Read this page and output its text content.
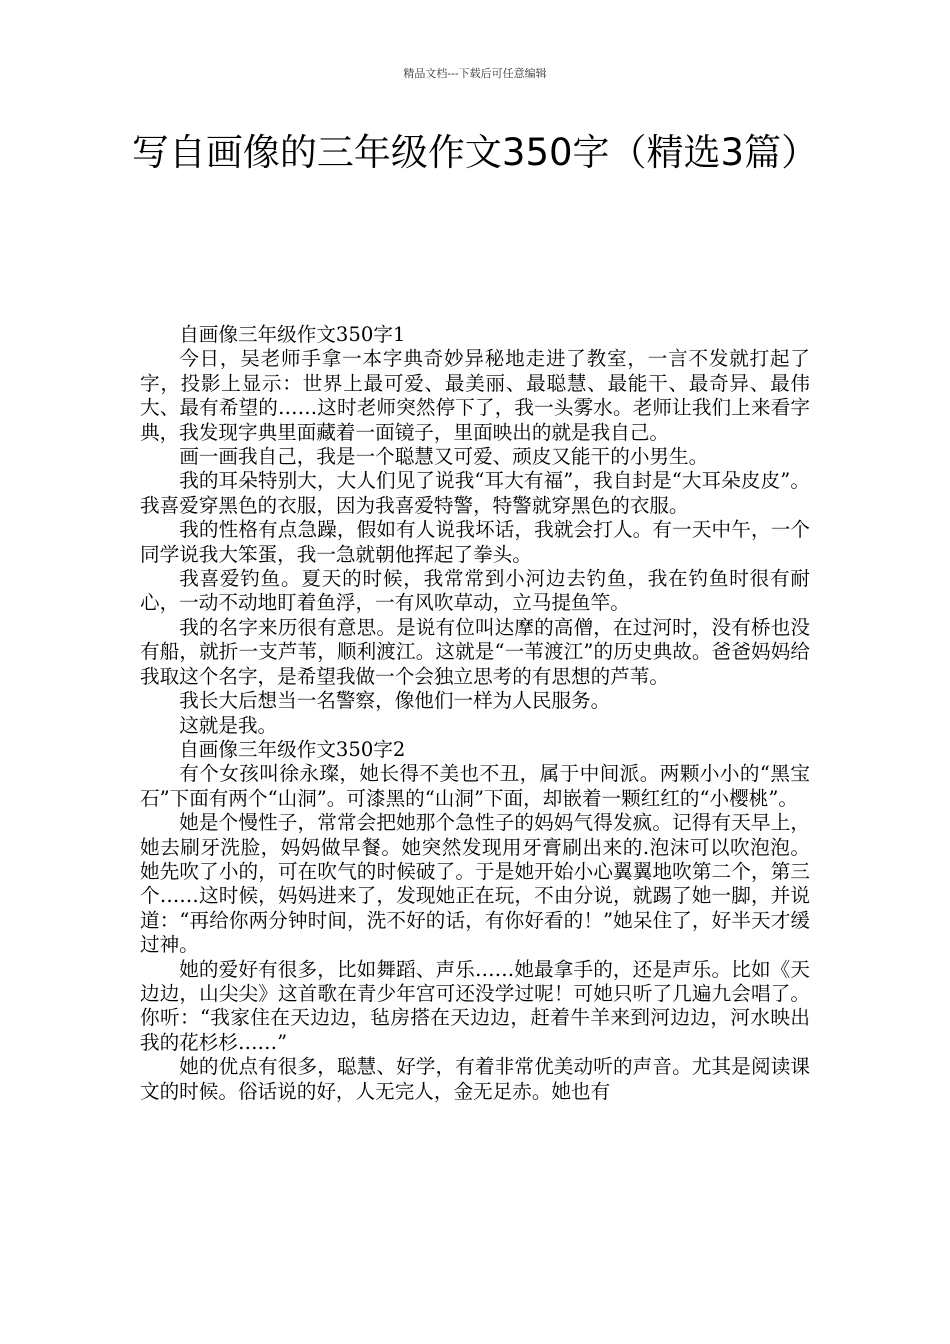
精品文档---下载后可任意编辑
写自画像的三年级作文350字（精选3篇）

自画像三年级作文350字1

今日，吴老师手拿一本字典奇妙异秘地走进了教室，一言不发就打起了字，投影上显示：世界上最可爱、最美丽、最聪慧、最能干、最奇异、最伟大、最有希望的……这时老师突然停下了，我一头雾水。老师让我们上来看字典，我发现字典里面藏着一面镜子，里面映出的就是我自己。

画一画我自己，我是一个聪慧又可爱、顽皮又能干的小男生。

我的耳朵特别大，大人们见了说我“耳大有福”，我自封是“大耳朵皮皮”。我喜爱穿黑色的衣服，因为我喜爱特警，特警就穿黑色的衣服。

我的性格有点急躁，假如有人说我坏话，我就会打人。有一天中午，一个同学说我大笨蛋，我一急就朝他挥起了拳头。

我喜爱钓鱼。夏天的时候，我常常到小河边去钓鱼，我在钓鱼时很有耐心，一动不动地盯着鱼浮，一有风吹草动，立马提鱼竿。

我的名字来历很有意思。是说有位叫达摩的高僧，在过河时，没有桥也没有船，就折一支芦苇，顺利渡江。这就是“一苇渡江”的历史典故。爸爸妈妈给我取这个名字，是希望我做一个会独立思考的有思想的芦苇。

我长大后想当一名警察，像他们一样为人民服务。

这就是我。

自画像三年级作文350字2

有个女孩叫徐永璨，她长得不美也不丑，属于中间派。两颗小小的“黑宝石”下面有两个“山洞”。可漆黑的“山洞”下面，却嵌着一颗红红的“小樱桃”。

她是个慢性子，常常会把她那个急性子的妈妈气得发疯。记得有天早上，她去刷牙洗脸，妈妈做早餐。她突然发现用牙膏刷出来的.泡沫可以吹泡泡。她先吹了小的，可在吹气的时候破了。于是她开始小心翼翼地吹第二个，第三个……这时候，妈妈进来了，发现她正在玩，不由分说，就踢了她一脚，并说道：“再给你两分钟时间，洗不好的话，有你好看的！”她呆住了，好半天才缓过神。

她的爱好有很多，比如舞蹈、声乐……她最拿手的，还是声乐。比如《天边边，山尖尖》这首歌在青少年宫可还没学过呢！可她只听了几遍九会唱了。你听：“我家住在天边边，毡房搭在天边边，赶着牛羊来到河边边，河水映出我的花杉杉……”

她的优点有很多，聪慧、好学，有着非常优美动听的声音。尤其是阅读课文的时候。俗话说的好，人无完人，金无足赤。她也有
